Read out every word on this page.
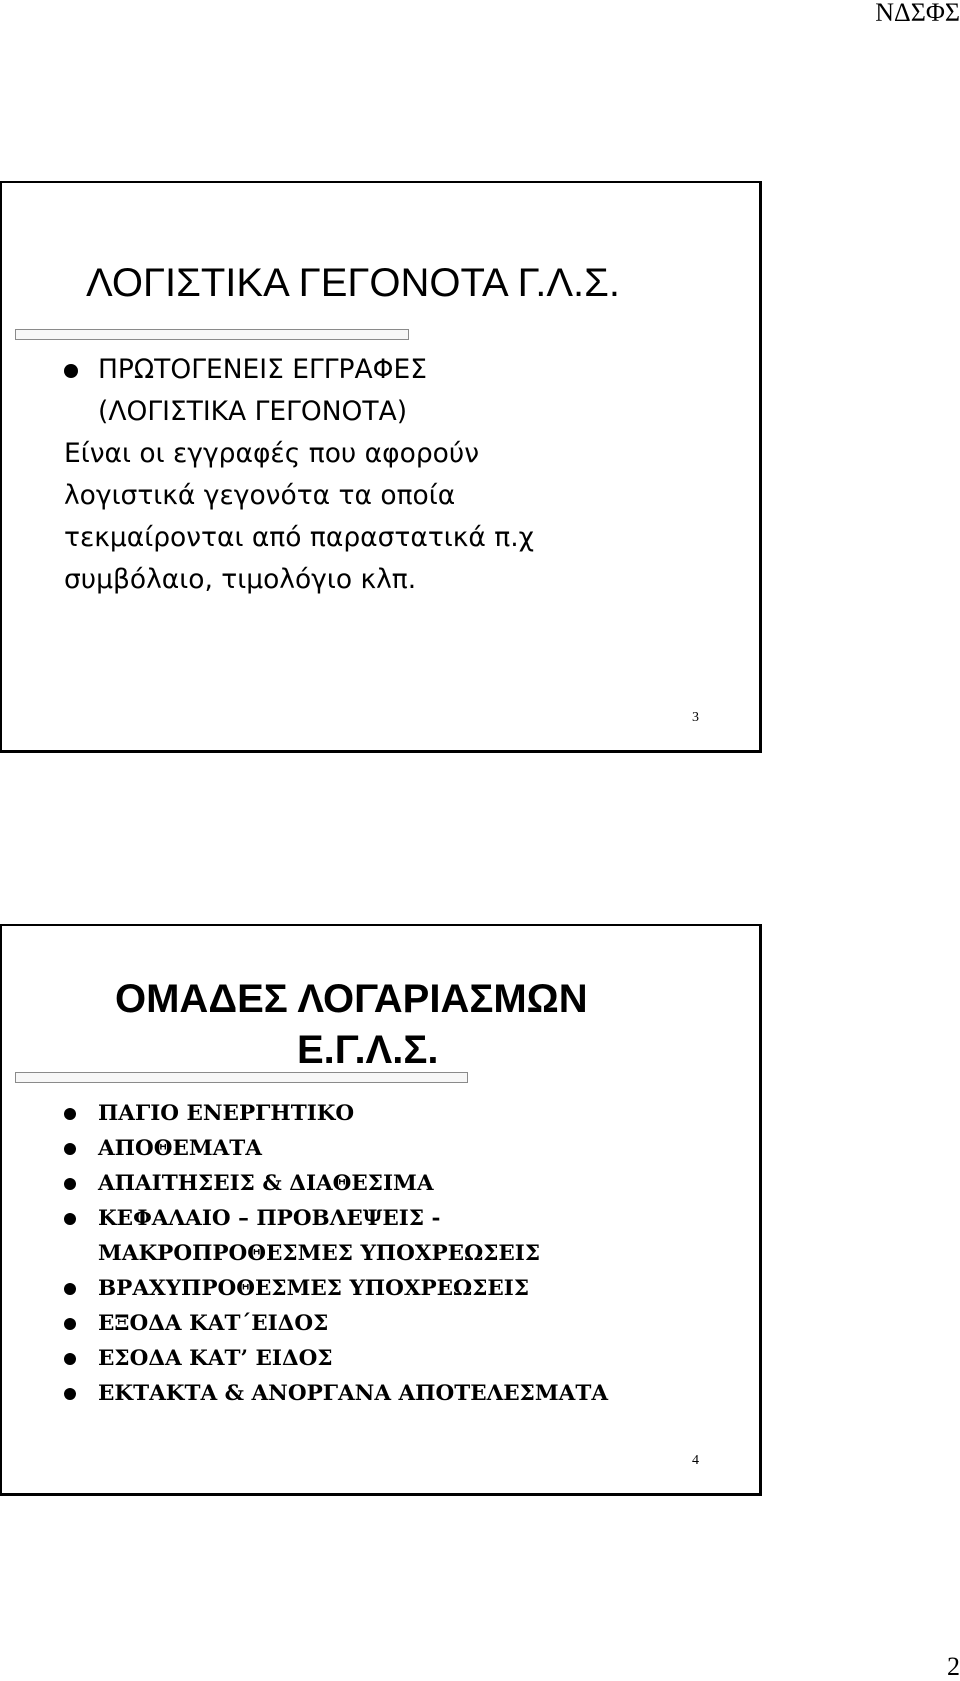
ΝΔΣΦΣ
ΛΟΓΙΣΤΙΚΑ ΓΕΓΟΝΟΤΑ Γ.Λ.Σ.
ΠΡΩΤΟΓΕΝΕΙΣ ΕΓΓΡΑΦΕΣ
(ΛΟΓΙΣΤΙΚΑ ΓΕΓΟΝΟΤΑ)
Είναι οι εγγραφές που αφορούν
λογιστικά γεγονότα τα οποία
τεκμαίρονται από παραστατικά π.χ
συμβόλαιο, τιμολόγιο κλπ.
3
ΟΜΑΔΕΣ ΛΟΓΑΡΙΑΣΜΩΝ
Ε.Γ.Λ.Σ.
ΠΑΓΙΟ ΕΝΕΡΓΗΤΙΚΟ
ΑΠΟΘΕΜΑΤΑ
ΑΠΑΙΤΗΣΕΙΣ & ΔΙΑΘΕΣΙΜΑ
ΚΕΦΑΛΑΙΟ – ΠΡΟΒΛΕΨΕΙΣ -
ΜΑΚΡΟΠΡΟΘΕΣΜΕΣ ΥΠΟΧΡΕΩΣΕΙΣ
ΒΡΑΧΥΠΡΟΘΕΣΜΕΣ ΥΠΟΧΡΕΩΣΕΙΣ
ΕΞΟΔΑ ΚΑΤ΄ΕΙΔΟΣ
ΕΣΟΔΑ ΚΑΤ’ ΕΙΔΟΣ
ΕΚΤΑΚΤΑ & ΑΝΟΡΓΑΝΑ ΑΠΟΤΕΛΕΣΜΑΤΑ
4
2
